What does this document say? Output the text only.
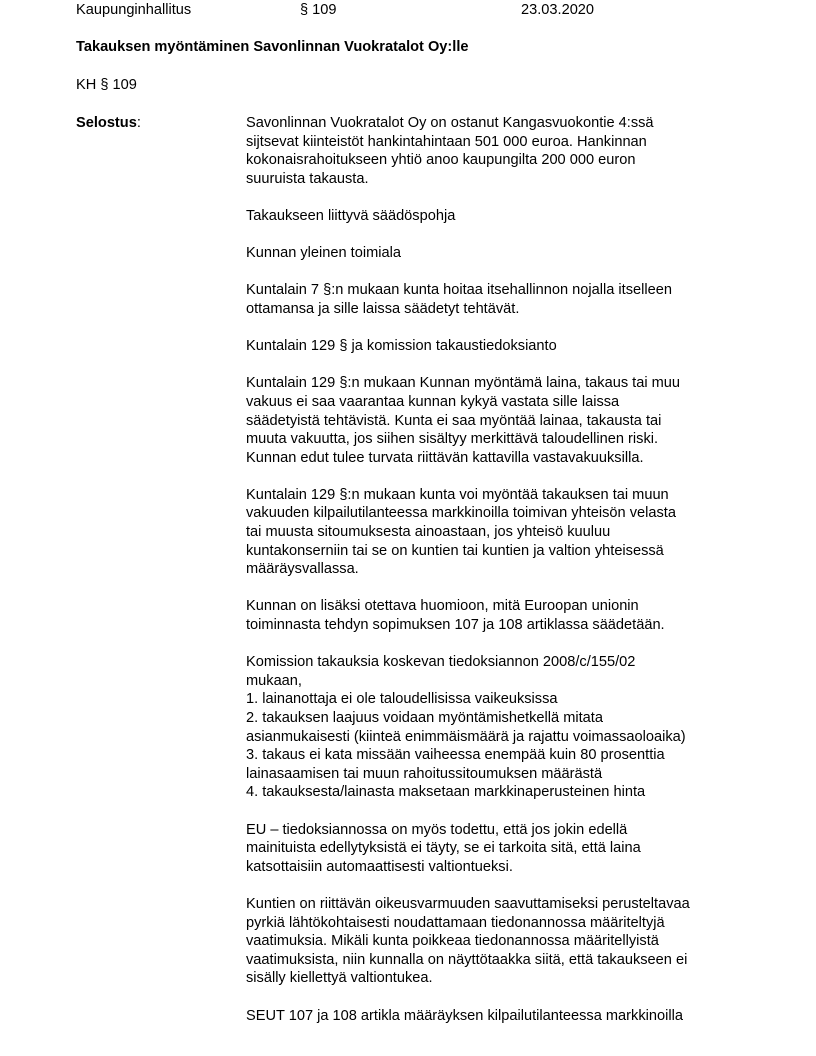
Kaupunginhallitus	§ 109	23.03.2020
Takauksen myöntäminen Savonlinnan Vuokratalot Oy:lle
KH § 109
Selostus:	Savonlinnan Vuokratalot Oy on ostanut Kangasvuokontie 4:ssä
sijtsevat kiinteistöt hankintahintaan 501 000 euroa. Hankinnan
kokonaisrahoitukseen yhtiö anoo kaupungilta 200 000 euron
suuruista takausta.
Takaukseen liittyvä säädöspohja
Kunnan yleinen toimiala
Kuntalain 7 §:n mukaan kunta hoitaa itsehallinnon nojalla itselleen
ottamansa ja sille laissa säädetyt tehtävät.
Kuntalain 129 § ja komission takaustiedoksianto
Kuntalain 129 §:n mukaan Kunnan myöntämä laina, takaus tai muu
vakuus ei saa vaarantaa kunnan kykyä vastata sille laissa
säädetyistä tehtävistä. Kunta ei saa myöntää lainaa, takausta tai
muuta vakuutta, jos siihen sisältyy merkittävä taloudellinen riski.
Kunnan edut tulee turvata riittävän kattavilla vastavakuuksilla.
Kuntalain 129 §:n mukaan kunta voi myöntää takauksen tai muun
vakuuden kilpailutilanteessa markkinoilla toimivan yhteisön velasta
tai muusta sitoumuksesta ainoastaan, jos yhteisö kuuluu
kuntakonserniin tai se on kuntien tai kuntien ja valtion yhteisessä
määräysvallassa.
Kunnan on lisäksi otettava huomioon, mitä Euroopan unionin
toiminnasta tehdyn sopimuksen 107 ja 108 artiklassa säädetään.
Komission takauksia koskevan tiedoksiannon 2008/c/155/02
mukaan,
1. lainanottaja ei ole taloudellisissa vaikeuksissa
2. takauksen laajuus voidaan myöntämishetkellä mitata
asianmukaisesti (kiinteä enimmäismäärä ja rajattu voimassaoloaika)
3. takaus ei kata missään vaiheessa enempää kuin 80 prosenttia
lainasaamisen tai muun rahoitussitoumuksen määrästä
4. takauksesta/lainasta maksetaan markkinaperusteinen hinta
EU – tiedoksiannossa on myös todettu, että jos jokin edellä
mainituista edellytyksistä ei täyty, se ei tarkoita sitä, että laina
katsottaisiin automaattisesti valtiontueksi.
Kuntien on riittävän oikeusvarmuuden saavuttamiseksi perusteltavaa
pyrkiä lähtökohtaisesti noudattamaan tiedonannossa määriteltyjä
vaatimuksia. Mikäli kunta poikkeaa tiedonannossa määritellyistä
vaatimuksista, niin kunnalla on näyttötaakka siitä, että takaukseen ei
sisälly kiellettyä valtiontukea.
SEUT 107 ja 108 artikla määräyksen kilpailutilanteessa markkinoilla
